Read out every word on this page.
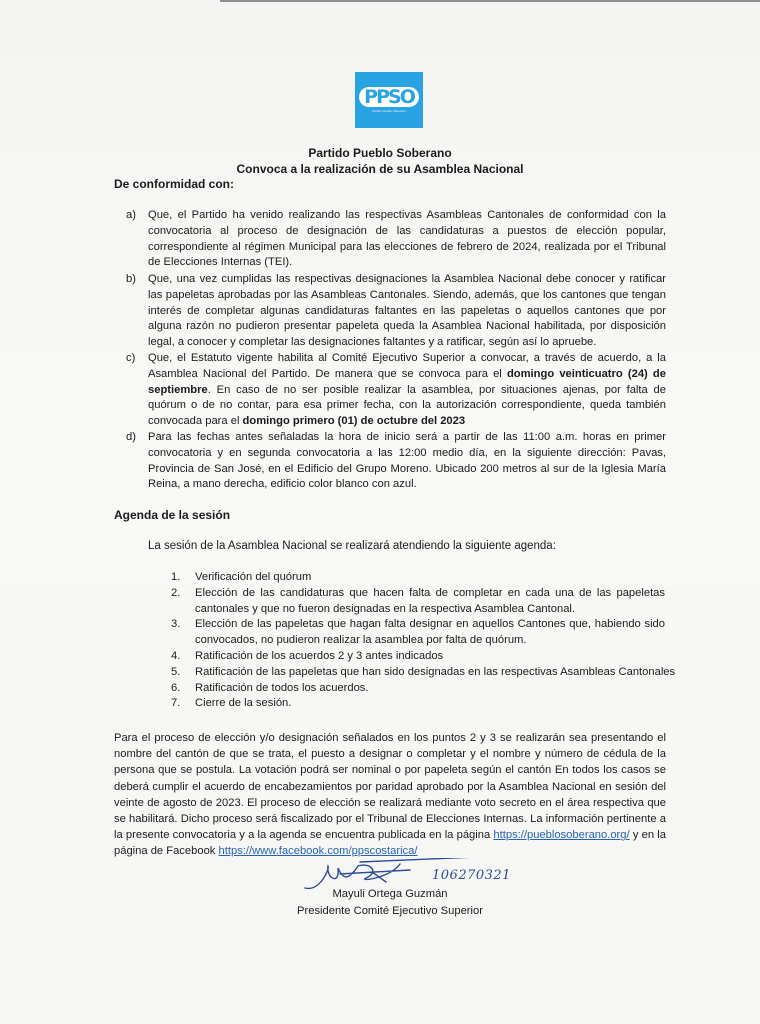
PPSO
Partido Pueblo Soberano
Partido Pueblo Soberano
Convoca a la realización de su Asamblea Nacional
De conformidad con:

a)	Que, el Partido ha venido realizando las respectivas Asambleas Cantonales de conformidad con la convocatoria al proceso de designación de las candidaturas a puestos de elección popular, correspondiente al régimen Municipal para las elecciones de febrero de 2024, realizada por el Tribunal de Elecciones Internas (TEI).

b)	Que, una vez cumplidas las respectivas designaciones la Asamblea Nacional debe conocer y ratificar las papeletas aprobadas por las Asambleas Cantonales. Siendo, además, que los cantones que tengan interés de completar algunas candidaturas faltantes en las papeletas o aquellos cantones que por alguna razón no pudieron presentar papeleta queda la Asamblea Nacional habilitada, por disposición legal, a conocer y completar las designaciones faltantes y a ratificar, según así lo apruebe.

c)	Que, el Estatuto vigente habilita al Comité Ejecutivo Superior a convocar, a través de acuerdo, a la Asamblea Nacional del Partido. De manera que se convoca para el domingo veinticuatro (24) de septiembre. En caso de no ser posible realizar la asamblea, por situaciones ajenas, por falta de quórum o de no contar, para esa primer fecha, con la autorización correspondiente, queda también convocada para el domingo primero (01) de octubre del 2023

d)	Para las fechas antes señaladas la hora de inicio será a partir de las 11:00 a.m. horas en primer convocatoria y en segunda convocatoria a las 12:00 medio día, en la siguiente dirección: Pavas, Provincia de San José, en el Edificio del Grupo Moreno. Ubicado 200 metros al sur de la Iglesia María Reina, a mano derecha, edificio color blanco con azul.

Agenda de la sesión
La sesión de la Asamblea Nacional se realizará atendiendo la siguiente agenda:

1.	Verificación del quórum

2.	Elección de las candidaturas que hacen falta de completar en cada una de las papeletas cantonales y que no fueron designadas en la respectiva Asamblea Cantonal.

3.	Elección de las papeletas que hagan falta designar en aquellos Cantones que, habiendo sido convocados, no pudieron realizar la asamblea por falta de quórum.

4.	Ratificación de los acuerdos 2 y 3 antes indicados

5.	Ratificación de las papeletas que han sido designadas en las respectivas Asambleas Cantonales

6.	Ratificación de todos los acuerdos.

7.	Cierre de la sesión.

Para el proceso de elección y/o designación señalados en los puntos 2 y 3 se realizarán sea presentando el nombre del cantón de que se trata, el puesto a designar o completar y el nombre y número de cédula de la persona que se postula. La votación podrá ser nominal o por papeleta según el cantón En todos los casos se deberá cumplir el acuerdo de encabezamientos por paridad aprobado por la Asamblea Nacional en sesión del veinte de agosto de 2023. El proceso de elección se realizará mediante voto secreto en el área respectiva que se habilitará. Dicho proceso será fiscalizado por el Tribunal de Elecciones Internas. La información pertinente a la presente convocatoria y a la agenda se encuentra publicada en la página https://pueblosoberano.org/ y en la página de Facebook https://www.facebook.com/ppscostarica/
106270321
Mayuli Ortega Guzmán
Presidente Comité Ejecutivo Superior
